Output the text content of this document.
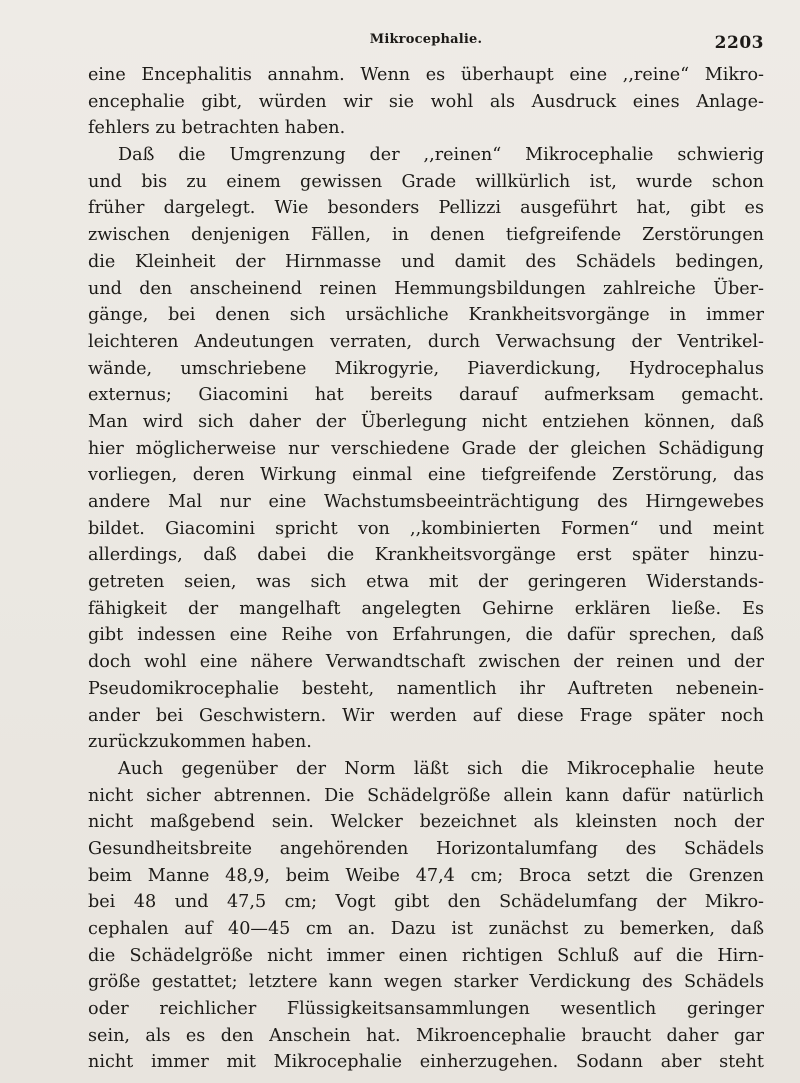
Mikrocephalie.	2203
eine Encephalitis annahm. Wenn es überhaupt eine ,,reine“ Mikro-
encephalie gibt, würden wir sie wohl als Ausdruck eines Anlage-
fehlers zu betrachten haben.
Daß die Umgrenzung der ,,reinen“ Mikrocephalie schwierig
und bis zu einem gewissen Grade willkürlich ist, wurde schon
früher dargelegt. Wie besonders Pellizzi ausgeführt hat, gibt es
zwischen denjenigen Fällen, in denen tiefgreifende Zerstörungen
die Kleinheit der Hirnmasse und damit des Schädels bedingen,
und den anscheinend reinen Hemmungsbildungen zahlreiche Über-
gänge, bei denen sich ursächliche Krankheitsvorgänge in immer
leichteren Andeutungen verraten, durch Verwachsung der Ventrikel-
wände, umschriebene Mikrogyrie, Piaverdickung, Hydrocephalus
externus; Giacomini hat bereits darauf aufmerksam gemacht.
Man wird sich daher der Überlegung nicht entziehen können, daß
hier möglicherweise nur verschiedene Grade der gleichen Schädigung
vorliegen, deren Wirkung einmal eine tiefgreifende Zerstörung, das
andere Mal nur eine Wachstumsbeeinträchtigung des Hirngewebes
bildet. Giacomini spricht von ,,kombinierten Formen“ und meint
allerdings, daß dabei die Krankheitsvorgänge erst später hinzu-
getreten seien, was sich etwa mit der geringeren Widerstands-
fähigkeit der mangelhaft angelegten Gehirne erklären ließe. Es
gibt indessen eine Reihe von Erfahrungen, die dafür sprechen, daß
doch wohl eine nähere Verwandtschaft zwischen der reinen und der
Pseudomikrocephalie besteht, namentlich ihr Auftreten nebenein-
ander bei Geschwistern. Wir werden auf diese Frage später noch
zurückzukommen haben.
Auch gegenüber der Norm läßt sich die Mikrocephalie heute
nicht sicher abtrennen. Die Schädelgröße allein kann dafür natürlich
nicht maßgebend sein. Welcker bezeichnet als kleinsten noch der
Gesundheitsbreite angehörenden Horizontalumfang des Schädels
beim Manne 48,9, beim Weibe 47,4 cm; Broca setzt die Grenzen
bei 48 und 47,5 cm; Vogt gibt den Schädelumfang der Mikro-
cephalen auf 40—45 cm an. Dazu ist zunächst zu bemerken, daß
die Schädelgröße nicht immer einen richtigen Schluß auf die Hirn-
größe gestattet; letztere kann wegen starker Verdickung des Schädels
oder reichlicher Flüssigkeitsansammlungen wesentlich geringer
sein, als es den Anschein hat. Mikroencephalie braucht daher gar
nicht immer mit Mikrocephalie einherzugehen. Sodann aber steht
